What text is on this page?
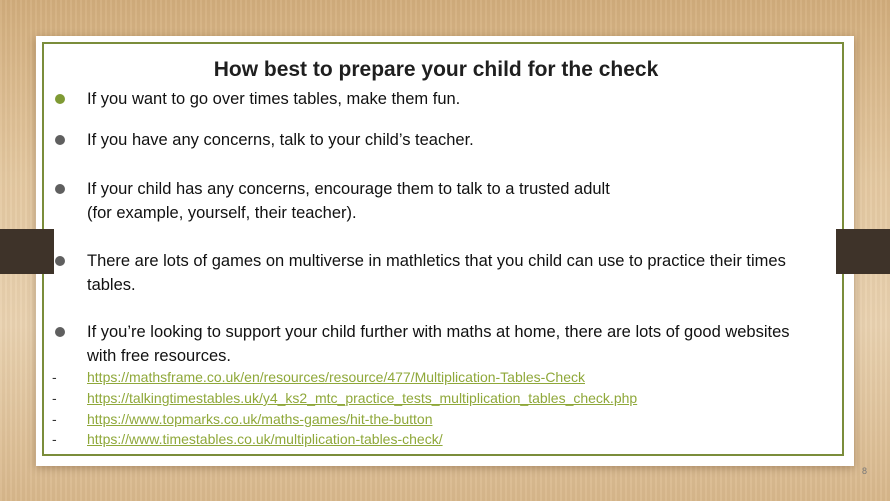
How best to prepare your child for the check
If you want to go over times tables, make them fun.
If you have any concerns, talk to your child’s teacher.
If your child has any concerns, encourage them to talk to a trusted adult
(for example, yourself, their teacher).
There are lots of games on multiverse in mathletics that you child can use to practice their times
tables.
If you’re looking to support your child further with maths at home, there are lots of good websites
with free resources.
- https://mathsframe.co.uk/en/resources/resource/477/Multiplication-Tables-Check
- https://talkingtimestables.uk/y4_ks2_mtc_practice_tests_multiplication_tables_check.php
- https://www.topmarks.co.uk/maths-games/hit-the-button
- https://www.timestables.co.uk/multiplication-tables-check/
8
